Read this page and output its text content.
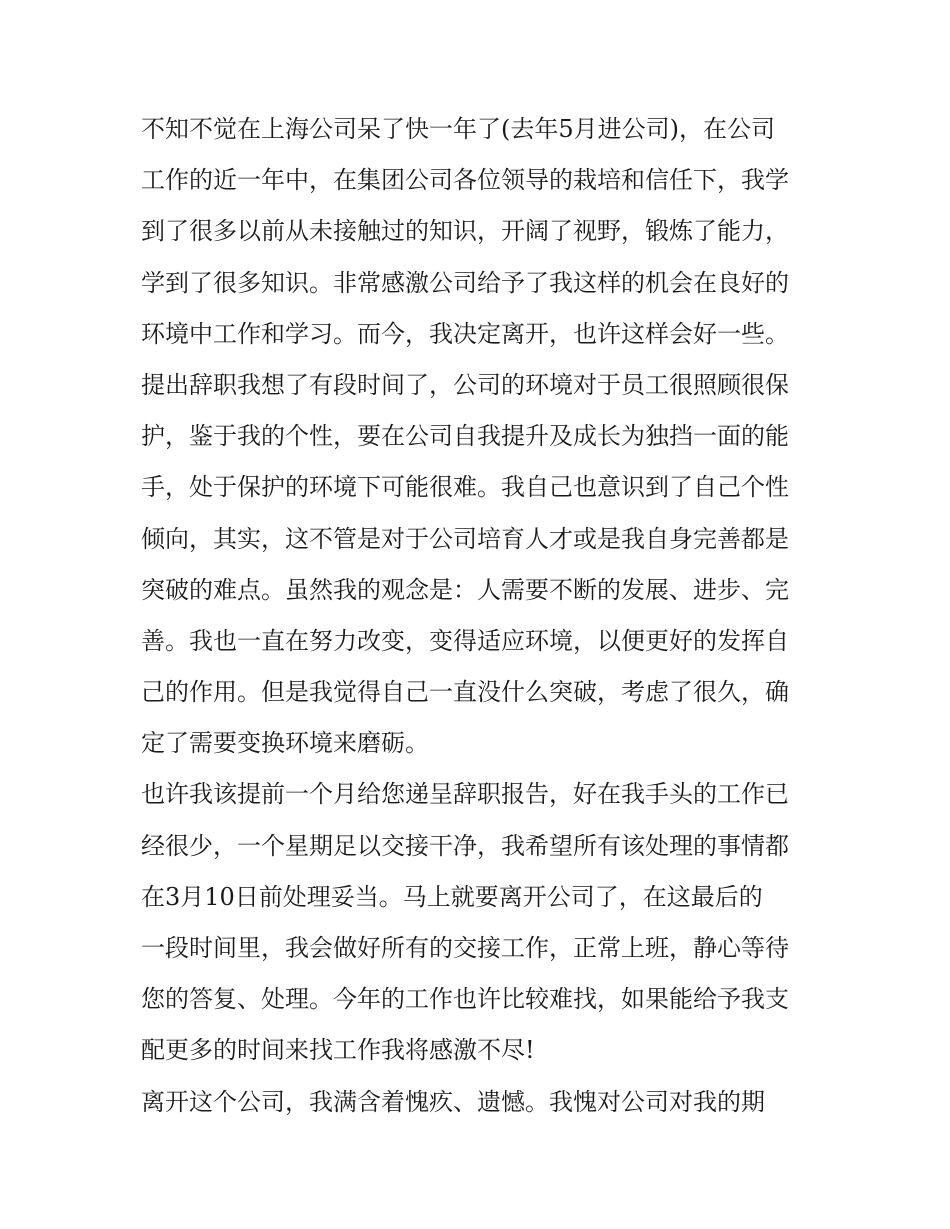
不知不觉在上海公司呆了快一年了(去年5月进公司)，在公司
工作的近一年中，在集团公司各位领导的栽培和信任下，我学
到了很多以前从未接触过的知识，开阔了视野，锻炼了能力，
学到了很多知识。非常感激公司给予了我这样的机会在良好的
环境中工作和学习。而今，我决定离开，也许这样会好一些。
提出辞职我想了有段时间了，公司的环境对于员工很照顾很保
护，鉴于我的个性，要在公司自我提升及成长为独挡一面的能
手，处于保护的环境下可能很难。我自己也意识到了自己个性
倾向，其实，这不管是对于公司培育人才或是我自身完善都是
突破的难点。虽然我的观念是：人需要不断的发展、进步、完
善。我也一直在努力改变，变得适应环境，以便更好的发挥自
己的作用。但是我觉得自己一直没什么突破，考虑了很久，确
定了需要变换环境来磨砺。
也许我该提前一个月给您递呈辞职报告，好在我手头的工作已
经很少，一个星期足以交接干净，我希望所有该处理的事情都
在3月10日前处理妥当。马上就要离开公司了，在这最后的
一段时间里，我会做好所有的交接工作，正常上班，静心等待
您的答复、处理。今年的工作也许比较难找，如果能给予我支
配更多的时间来找工作我将感激不尽!
离开这个公司，我满含着愧疚、遗憾。我愧对公司对我的期
